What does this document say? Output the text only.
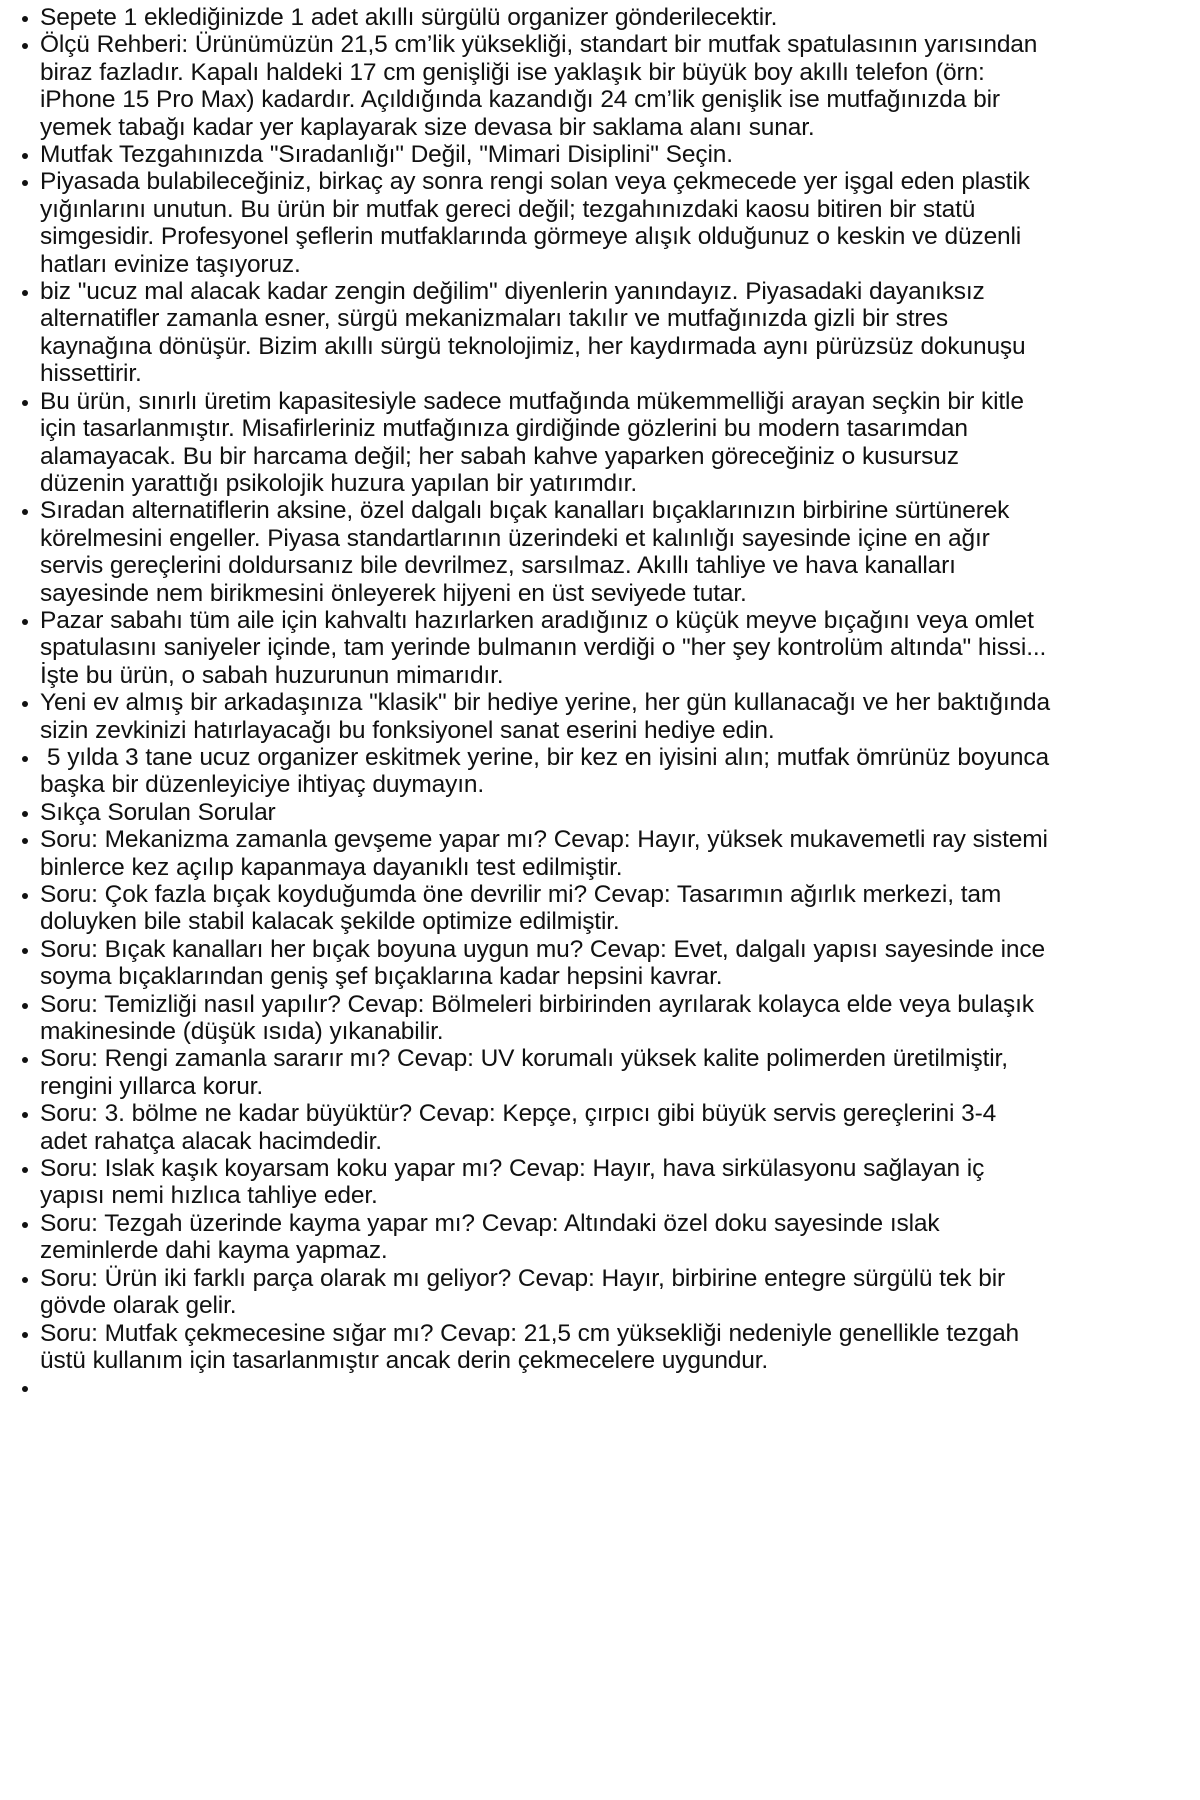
Sepete 1 eklediğinizde 1 adet akıllı sürgülü organizer gönderilecektir.
Ölçü Rehberi: Ürünümüzün 21,5 cm’lik yüksekliği, standart bir mutfak spatulasının yarısından biraz fazladır. Kapalı haldeki 17 cm genişliği ise yaklaşık bir büyük boy akıllı telefon (örn: iPhone 15 Pro Max) kadardır. Açıldığında kazandığı 24 cm’lik genişlik ise mutfağınızda bir yemek tabağı kadar yer kaplayarak size devasa bir saklama alanı sunar.
Mutfak Tezgahınızda "Sıradanlığı" Değil, "Mimari Disiplini" Seçin.
Piyasada bulabileceğiniz, birkaç ay sonra rengi solan veya çekmecede yer işgal eden plastik yığınlarını unutun. Bu ürün bir mutfak gereci değil; tezgahınızdaki kaosu bitiren bir statü simgesidir. Profesyonel şeflerin mutfaklarında görmeye alışık olduğunuz o keskin ve düzenli hatları evinize taşıyoruz.
biz "ucuz mal alacak kadar zengin değilim" diyenlerin yanındayız. Piyasadaki dayanıksız alternatifler zamanla esner, sürgü mekanizmaları takılır ve mutfağınızda gizli bir stres kaynağına dönüşür. Bizim akıllı sürgü teknolojimiz, her kaydırmada aynı pürüzsüz dokunuşu hissettirir.
Bu ürün, sınırlı üretim kapasitesiyle sadece mutfağında mükemmelliği arayan seçkin bir kitle için tasarlanmıştır. Misafirleriniz mutfağınıza girdiğinde gözlerini bu modern tasarımdan alamayacak. Bu bir harcama değil; her sabah kahve yaparken göreceğiniz o kusursuz düzenin yarattığı psikolojik huzura yapılan bir yatırımdır.
Sıradan alternatiflerin aksine, özel dalgalı bıçak kanalları bıçaklarınızın birbirine sürtünerek körelmesini engeller. Piyasa standartlarının üzerindeki et kalınlığı sayesinde içine en ağır servis gereçlerini doldursanız bile devrilmez, sarsılmaz. Akıllı tahliye ve hava kanalları sayesinde nem birikmesini önleyerek hijyeni en üst seviyede tutar.
Pazar sabahı tüm aile için kahvaltı hazırlarken aradığınız o küçük meyve bıçağını veya omlet spatulasını saniyeler içinde, tam yerinde bulmanın verdiği o "her şey kontrolüm altında" hissi... İşte bu ürün, o sabah huzurunun mimarıdır.
Yeni ev almış bir arkadaşınıza "klasik" bir hediye yerine, her gün kullanacağı ve her baktığında sizin zevkinizi hatırlayacağı bu fonksiyonel sanat eserini hediye edin.
5 yılda 3 tane ucuz organizer eskitmek yerine, bir kez en iyisini alın; mutfak ömrünüz boyunca başka bir düzenleyiciye ihtiyaç duymayın.
Sıkça Sorulan Sorular
Soru: Mekanizma zamanla gevşeme yapar mı? Cevap: Hayır, yüksek mukavemetli ray sistemi binlerce kez açılıp kapanmaya dayanıklı test edilmiştir.
Soru: Çok fazla bıçak koyduğumda öne devrilir mi? Cevap: Tasarımın ağırlık merkezi, tam doluyken bile stabil kalacak şekilde optimize edilmiştir.
Soru: Bıçak kanalları her bıçak boyuna uygun mu? Cevap: Evet, dalgalı yapısı sayesinde ince soyma bıçaklarından geniş şef bıçaklarına kadar hepsini kavrar.
Soru: Temizliği nasıl yapılır? Cevap: Bölmeleri birbirinden ayrılarak kolayca elde veya bulaşık makinesinde (düşük ısıda) yıkanabilir.
Soru: Rengi zamanla sararır mı? Cevap: UV korumalı yüksek kalite polimerden üretilmiştir, rengini yıllarca korur.
Soru: 3. bölme ne kadar büyüktür? Cevap: Kepçe, çırpıcı gibi büyük servis gereçlerini 3-4 adet rahatça alacak hacimdedir.
Soru: Islak kaşık koyarsam koku yapar mı? Cevap: Hayır, hava sirkülasyonu sağlayan iç yapısı nemi hızlıca tahliye eder.
Soru: Tezgah üzerinde kayma yapar mı? Cevap: Altındaki özel doku sayesinde ıslak zeminlerde dahi kayma yapmaz.
Soru: Ürün iki farklı parça olarak mı geliyor? Cevap: Hayır, birbirine entegre sürgülü tek bir gövde olarak gelir.
Soru: Mutfak çekmecesine sığar mı? Cevap: 21,5 cm yüksekliği nedeniyle genellikle tezgah üstü kullanım için tasarlanmıştır ancak derin çekmecelere uygundur.
